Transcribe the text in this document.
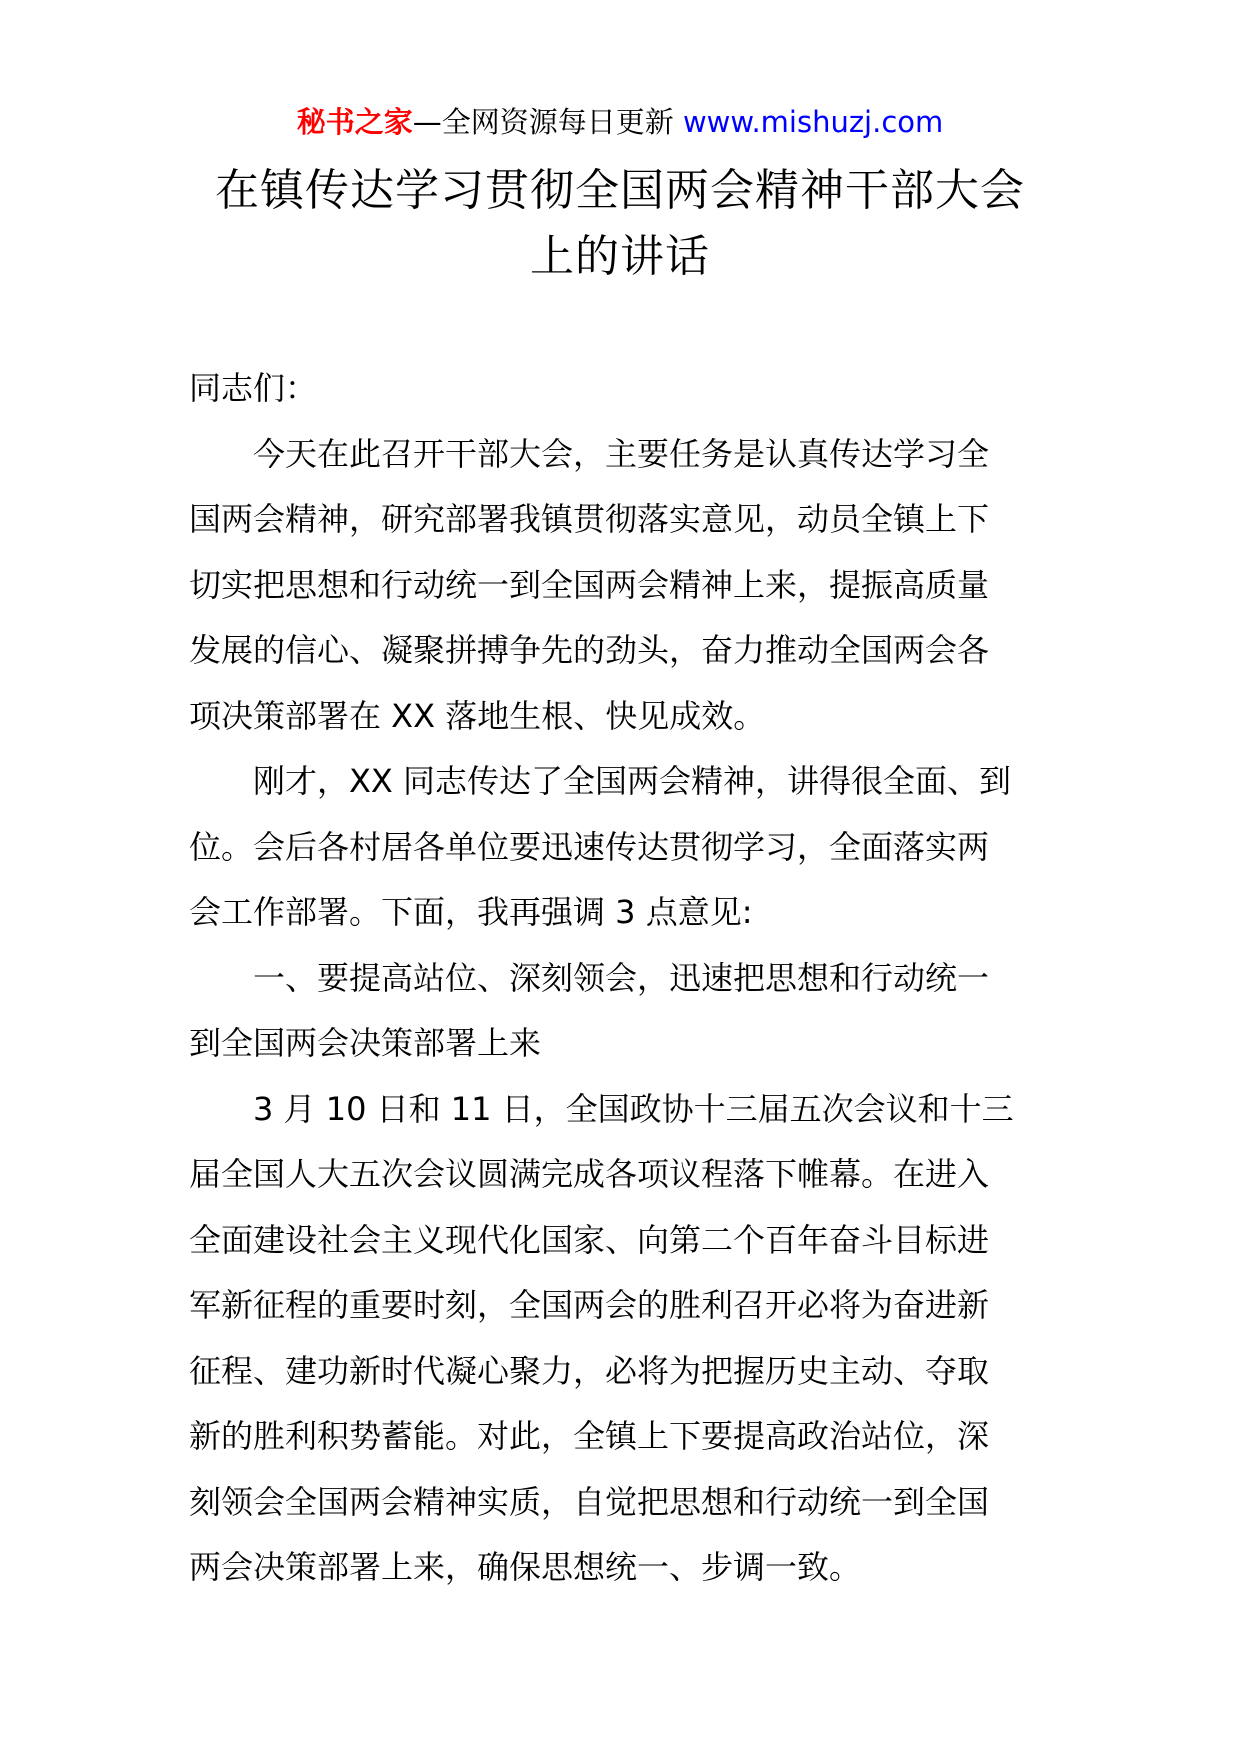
秘书之家—全网资源每日更新 www.mishuzj.com
在镇传达学习贯彻全国两会精神干部大会
上的讲话
同志们：
今天在此召开干部大会，主要任务是认真传达学习全
国两会精神，研究部署我镇贯彻落实意见，动员全镇上下
切实把思想和行动统一到全国两会精神上来，提振高质量
发展的信心、凝聚拼搏争先的劲头，奋力推动全国两会各
项决策部署在 XX 落地生根、快见成效。
刚才，XX 同志传达了全国两会精神，讲得很全面、到
位。会后各村居各单位要迅速传达贯彻学习，全面落实两
会工作部署。下面，我再强调 3 点意见:
一、要提高站位、深刻领会，迅速把思想和行动统一
到全国两会决策部署上来
3 月 10 日和 11 日，全国政协十三届五次会议和十三
届全国人大五次会议圆满完成各项议程落下帷幕。在进入
全面建设社会主义现代化国家、向第二个百年奋斗目标进
军新征程的重要时刻，全国两会的胜利召开必将为奋进新
征程、建功新时代凝心聚力，必将为把握历史主动、夺取
新的胜利积势蓄能。对此，全镇上下要提高政治站位，深
刻领会全国两会精神实质，自觉把思想和行动统一到全国
两会决策部署上来，确保思想统一、步调一致。
